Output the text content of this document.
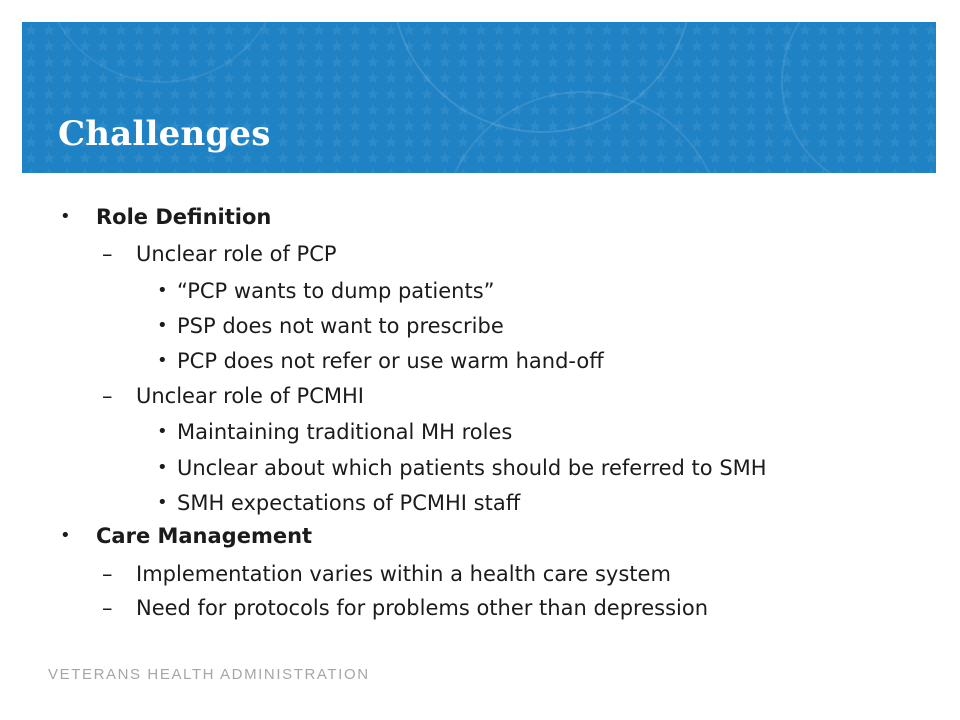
Challenges
• Role Definition
– Unclear role of PCP
• “PCP wants to dump patients”
• PSP does not want to prescribe
• PCP does not refer or use warm hand-off
– Unclear role of PCMHI
• Maintaining traditional MH roles
• Unclear about which patients should be referred to SMH
• SMH expectations of PCMHI staff
• Care Management
– Implementation varies within a health care system
– Need for protocols for problems other than depression
VETERANS HEALTH ADMINISTRATION
